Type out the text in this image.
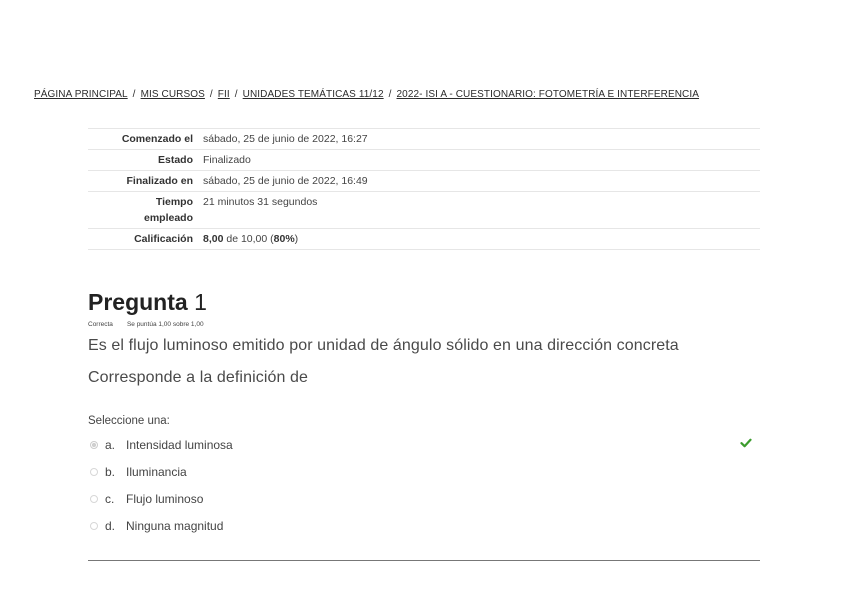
PÁGINA PRINCIPAL / MIS CURSOS / FII / UNIDADES TEMÁTICAS 11/12 / 2022- ISI A - CUESTIONARIO: FOTOMETRÍA E INTERFERENCIA
Comenzado el	sábado, 25 de junio de 2022, 16:27
Estado	Finalizado
Finalizado en	sábado, 25 de junio de 2022, 16:49
Tiempo
empleado	21 minutos 31 segundos
Calificación	8,00 de 10,00 (80%)
Pregunta 1
Correcta Se puntúa 1,00 sobre 1,00
Es el flujo luminoso emitido por unidad de ángulo sólido en una dirección concreta
Corresponde a la definición de
Seleccione una:
a. Intensidad luminosa
b. Iluminancia
c. Flujo luminoso
d. Ninguna magnitud
